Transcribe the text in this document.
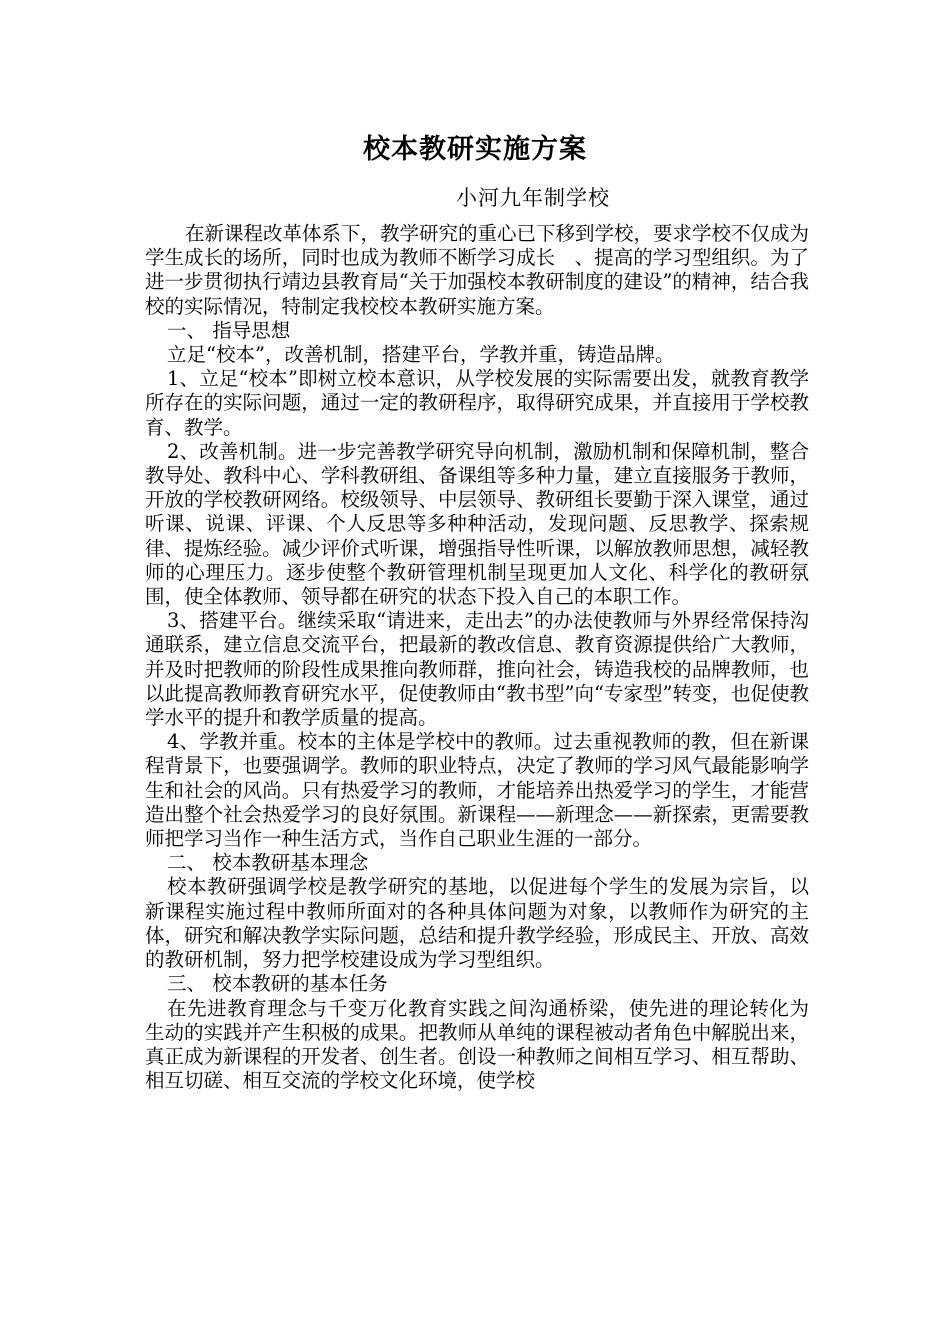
校本教研实施方案
小河九年制学校

在新课程改革体系下，教学研究的重心已下移到学校，要求学校不仅成为学生成长的场所，同时也成为教师不断学习成长　、提高的学习型组织。为了进一步贯彻执行靖边县教育局“关于加强校本教研制度的建设”的精神，结合我校的实际情况，特制定我校校本教研实施方案。

一、 指导思想

立足“校本”，改善机制，搭建平台，学教并重，铸造品牌。

1、立足“校本”即树立校本意识，从学校发展的实际需要出发，就教育教学所存在的实际问题，通过一定的教研程序，取得研究成果，并直接用于学校教育、教学。

2、改善机制。进一步完善教学研究导向机制，激励机制和保障机制，整合教导处、教科中心、学科教研组、备课组等多种力量，建立直接服务于教师，开放的学校教研网络。校级领导、中层领导、教研组长要勤于深入课堂，通过听课、说课、评课、个人反思等多种种活动，发现问题、反思教学、探索规律、提炼经验。减少评价式听课，增强指导性听课，以解放教师思想，减轻教师的心理压力。逐步使整个教研管理机制呈现更加人文化、科学化的教研氛围，使全体教师、领导都在研究的状态下投入自己的本职工作。

3、搭建平台。继续采取“请进来，走出去”的办法使教师与外界经常保持沟通联系，建立信息交流平台，把最新的教改信息、教育资源提供给广大教师，并及时把教师的阶段性成果推向教师群，推向社会，铸造我校的品牌教师，也以此提高教师教育研究水平，促使教师由“教书型”向“专家型”转变，也促使教学水平的提升和教学质量的提高。

4、学教并重。校本的主体是学校中的教师。过去重视教师的教，但在新课程背景下，也要强调学。教师的职业特点，决定了教师的学习风气最能影响学生和社会的风尚。只有热爱学习的教师，才能培养出热爱学习的学生，才能营造出整个社会热爱学习的良好氛围。新课程——新理念——新探索，更需要教师把学习当作一种生活方式，当作自己职业生涯的一部分。

二、 校本教研基本理念

校本教研强调学校是教学研究的基地，以促进每个学生的发展为宗旨，以新课程实施过程中教师所面对的各种具体问题为对象，以教师作为研究的主体，研究和解决教学实际问题，总结和提升教学经验，形成民主、开放、高效的教研机制，努力把学校建设成为学习型组织。

三、 校本教研的基本任务

在先进教育理念与千变万化教育实践之间沟通桥梁，使先进的理论转化为生动的实践并产生积极的成果。把教师从单纯的课程被动者角色中解脱出来，真正成为新课程的开发者、创生者。创设一种教师之间相互学习、相互帮助、相互切磋、相互交流的学校文化环境，使学校
